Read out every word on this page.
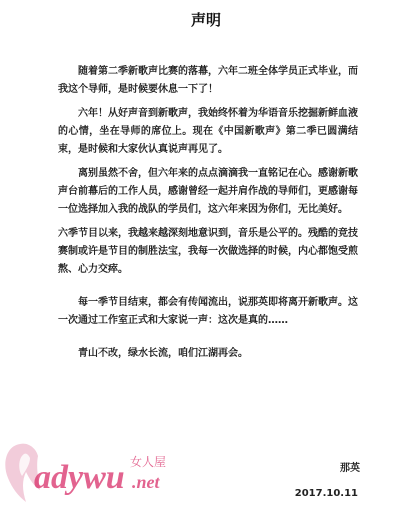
声明

随着第二季新歌声比赛的落幕，六年二班全体学员正式毕业，而我这个导师，是时候要休息一下了！

六年！从好声音到新歌声，我始终怀着为华语音乐挖掘新鲜血液的心情，坐在导师的席位上。现在《中国新歌声》第二季已圆满结束，是时候和大家伙认真说声再见了。

离别虽然不舍，但六年来的点点滴滴我一直铭记在心。感谢新歌声台前幕后的工作人员，感谢曾经一起并肩作战的导师们，更感谢每一位选择加入我的战队的学员们，这六年来因为你们，无比美好。

六季节目以来，我越来越深刻地意识到，音乐是公平的。残酷的竞技赛制或许是节目的制胜法宝，我每一次做选择的时候，内心都饱受煎熬、心力交瘁。

每一季节目结束，都会有传闻流出，说那英即将离开新歌声。这一次通过工作室正式和大家说一声：这次是真的……

青山不改，绿水长流，咱们江湖再会。

那英
2017.10.11
adywu .net
女人屋
